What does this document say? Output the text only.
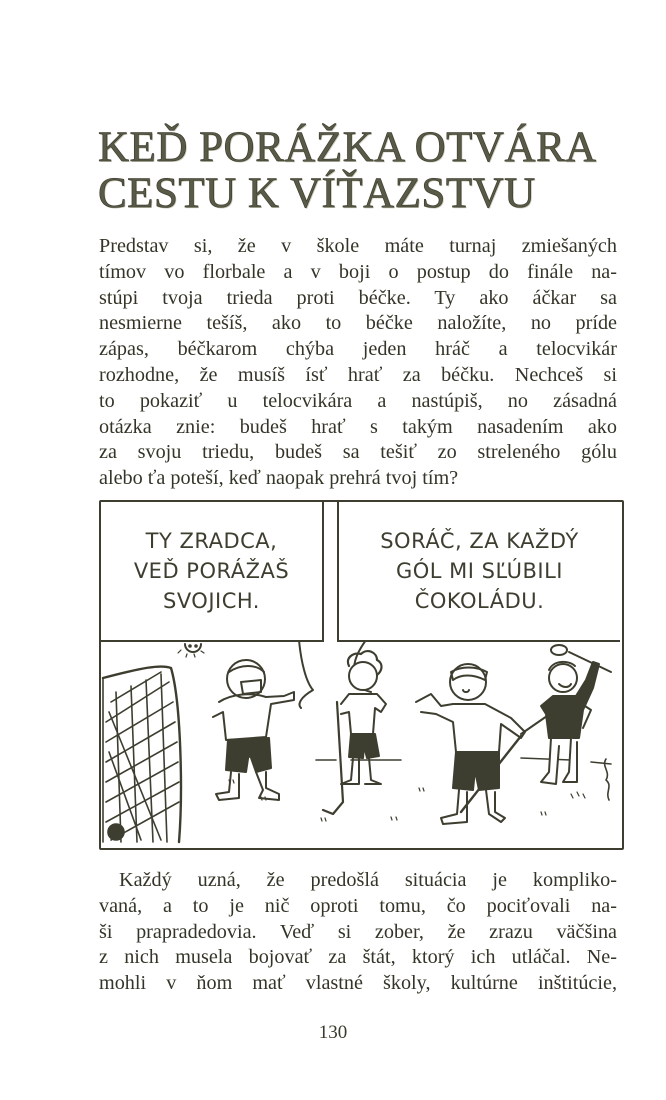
KEĎ PORÁŽKA OTVÁRA
CESTU K VÍŤAZSTVU
Predstav si, že v škole máte turnaj zmiešaných
tímov vo florbale a v boji o postup do finále na-
stúpi tvoja trieda proti béčke. Ty ako áčkar sa
nesmierne tešíš, ako to béčke naložíte, no príde
zápas, béčkarom chýba jeden hráč a telocvikár
rozhodne, že musíš ísť hrať za béčku. Nechceš si
to pokaziť u telocvikára a nastúpiš, no zásadná
otázka znie: budeš hrať s takým nasadením ako
za svoju triedu, budeš sa tešiť zo streleného gólu
alebo ťa poteší, keď naopak prehrá tvoj tím?
TY ZRADCA,
VEĎ PORÁŽAŠ
SVOJICH.
SORÁČ, ZA KAŽDÝ
GÓL MI SĽÚBILI
ČOKOLÁDU.
Každý uzná, že predošlá situácia je kompliko-
vaná, a to je nič oproti tomu, čo pociťovali na-
ši prapradedovia. Veď si zober, že zrazu väčšina
z nich musela bojovať za štát, ktorý ich utláčal. Ne-
mohli v ňom mať vlastné školy, kultúrne inštitúcie,
130
